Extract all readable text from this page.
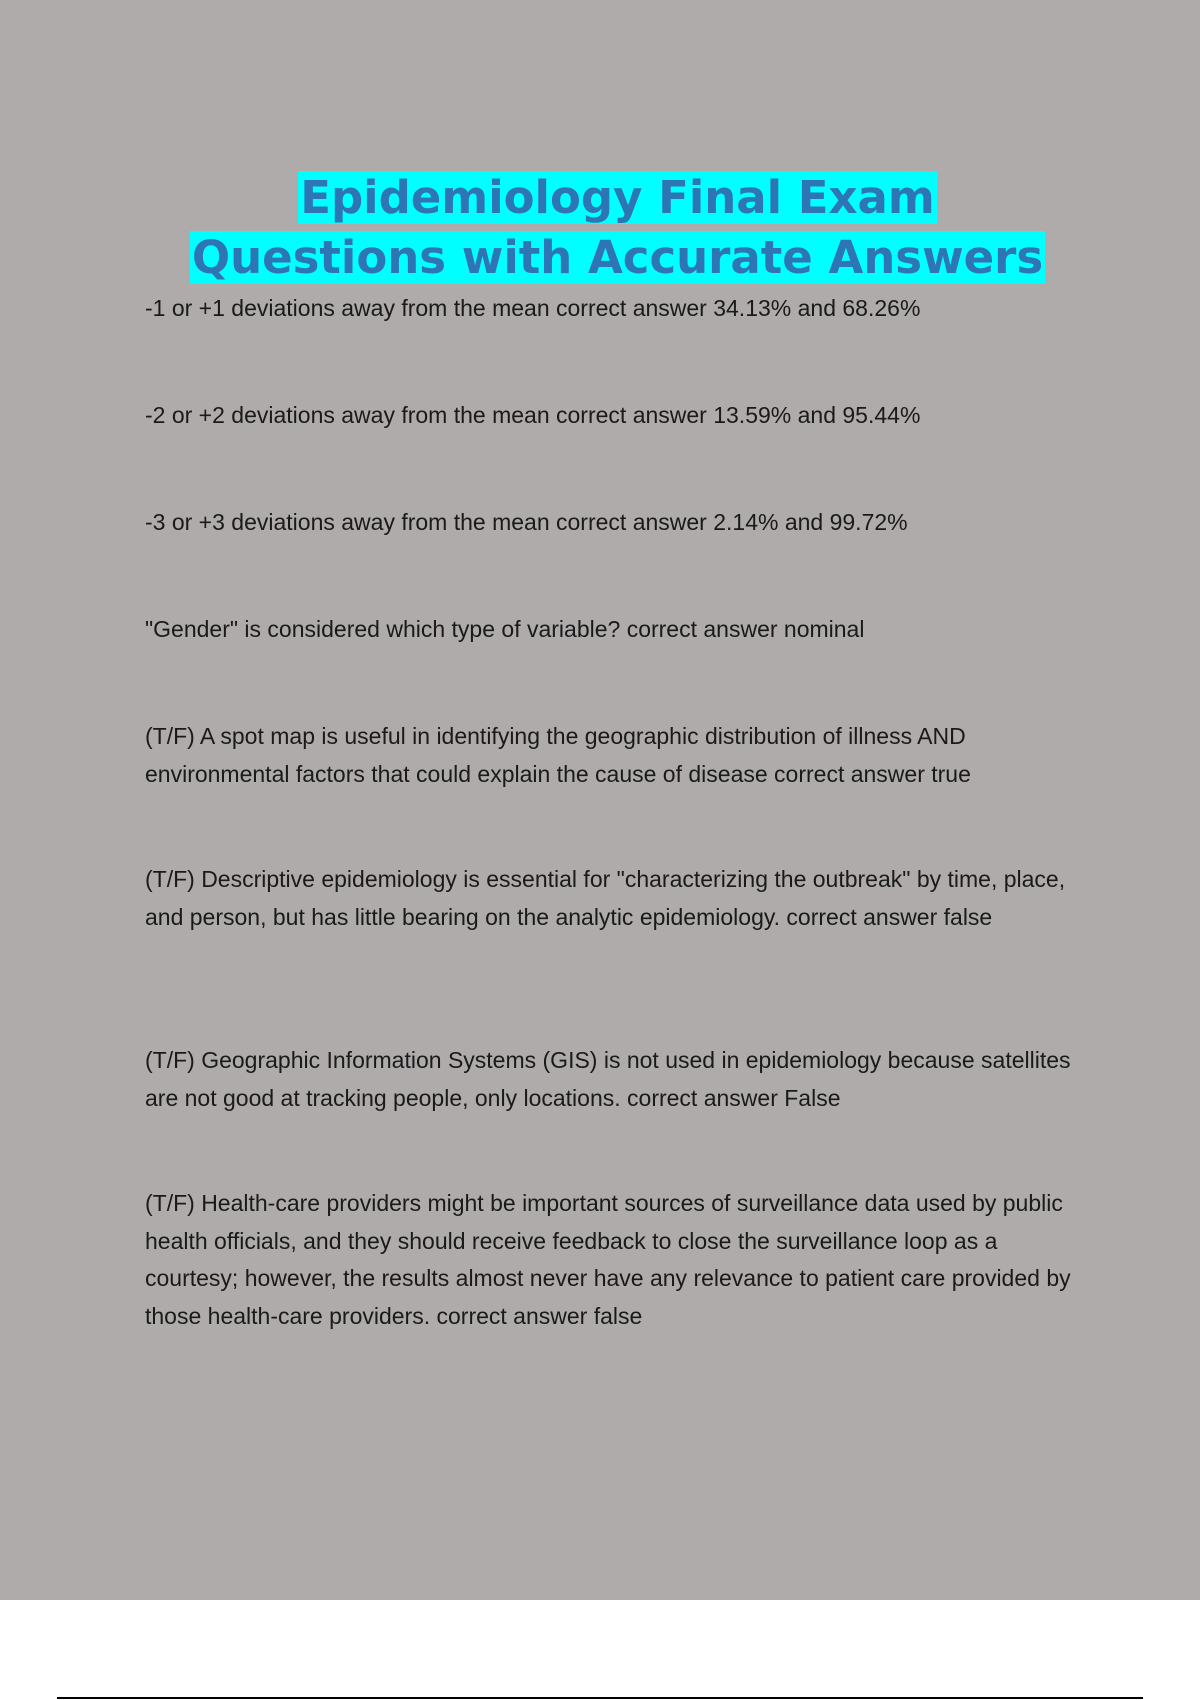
Epidemiology Final Exam
Questions with Accurate Answers

-1 or +1 deviations away from the mean correct answer 34.13% and 68.26%

-2 or +2 deviations away from the mean correct answer 13.59% and 95.44%

-3 or +3 deviations away from the mean correct answer 2.14% and 99.72%

"Gender" is considered which type of variable? correct answer nominal

(T/F) A spot map is useful in identifying the geographic distribution of illness AND environmental factors that could explain the cause of disease correct answer true

(T/F) Descriptive epidemiology is essential for "characterizing the outbreak" by time, place, and person, but has little bearing on the analytic epidemiology. correct answer false

(T/F) Geographic Information Systems (GIS) is not used in epidemiology because satellites are not good at tracking people, only locations. correct answer False

(T/F) Health-care providers might be important sources of surveillance data used by public health officials, and they should receive feedback to close the surveillance loop as a courtesy; however, the results almost never have any relevance to patient care provided by those health-care providers. correct answer false
